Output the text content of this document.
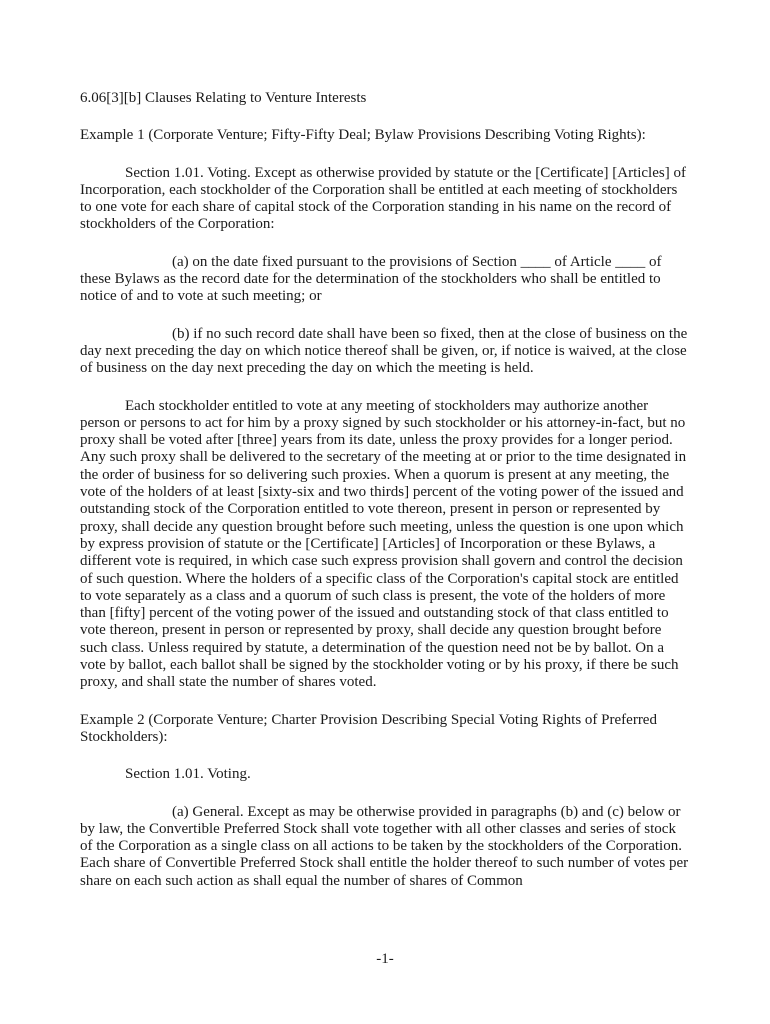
6.06[3][b] Clauses Relating to Venture Interests

Example 1 (Corporate Venture; Fifty-Fifty Deal; Bylaw Provisions Describing Voting Rights):

Section 1.01. Voting. Except as otherwise provided by statute or the [Certificate] [Articles] of Incorporation, each stockholder of the Corporation shall be entitled at each meeting of stockholders to one vote for each share of capital stock of the Corporation standing in his name on the record of stockholders of the Corporation:

(a) on the date fixed pursuant to the provisions of Section ____ of Article ____ of these Bylaws as the record date for the determination of the stockholders who shall be entitled to notice of and to vote at such meeting; or

(b) if no such record date shall have been so fixed, then at the close of business on the day next preceding the day on which notice thereof shall be given, or, if notice is waived, at the close of business on the day next preceding the day on which the meeting is held.

Each stockholder entitled to vote at any meeting of stockholders may authorize another person or persons to act for him by a proxy signed by such stockholder or his attorney-in-fact, but no proxy shall be voted after [three] years from its date, unless the proxy provides for a longer period. Any such proxy shall be delivered to the secretary of the meeting at or prior to the time designated in the order of business for so delivering such proxies. When a quorum is present at any meeting, the vote of the holders of at least [sixty-six and two thirds] percent of the voting power of the issued and outstanding stock of the Corporation entitled to vote thereon, present in person or represented by proxy, shall decide any question brought before such meeting, unless the question is one upon which by express provision of statute or the [Certificate] [Articles] of Incorporation or these Bylaws, a different vote is required, in which case such express provision shall govern and control the decision of such question. Where the holders of a specific class of the Corporation's capital stock are entitled to vote separately as a class and a quorum of such class is present, the vote of the holders of more than [fifty] percent of the voting power of the issued and outstanding stock of that class entitled to vote thereon, present in person or represented by proxy, shall decide any question brought before such class. Unless required by statute, a determination of the question need not be by ballot. On a vote by ballot, each ballot shall be signed by the stockholder voting or by his proxy, if there be such proxy, and shall state the number of shares voted.

Example 2 (Corporate Venture; Charter Provision Describing Special Voting Rights of Preferred Stockholders):

Section 1.01. Voting.

(a) General. Except as may be otherwise provided in paragraphs (b) and (c) below or by law, the Convertible Preferred Stock shall vote together with all other classes and series of stock of the Corporation as a single class on all actions to be taken by the stockholders of the Corporation. Each share of Convertible Preferred Stock shall entitle the holder thereof to such number of votes per share on each such action as shall equal the number of shares of Common

-1-
